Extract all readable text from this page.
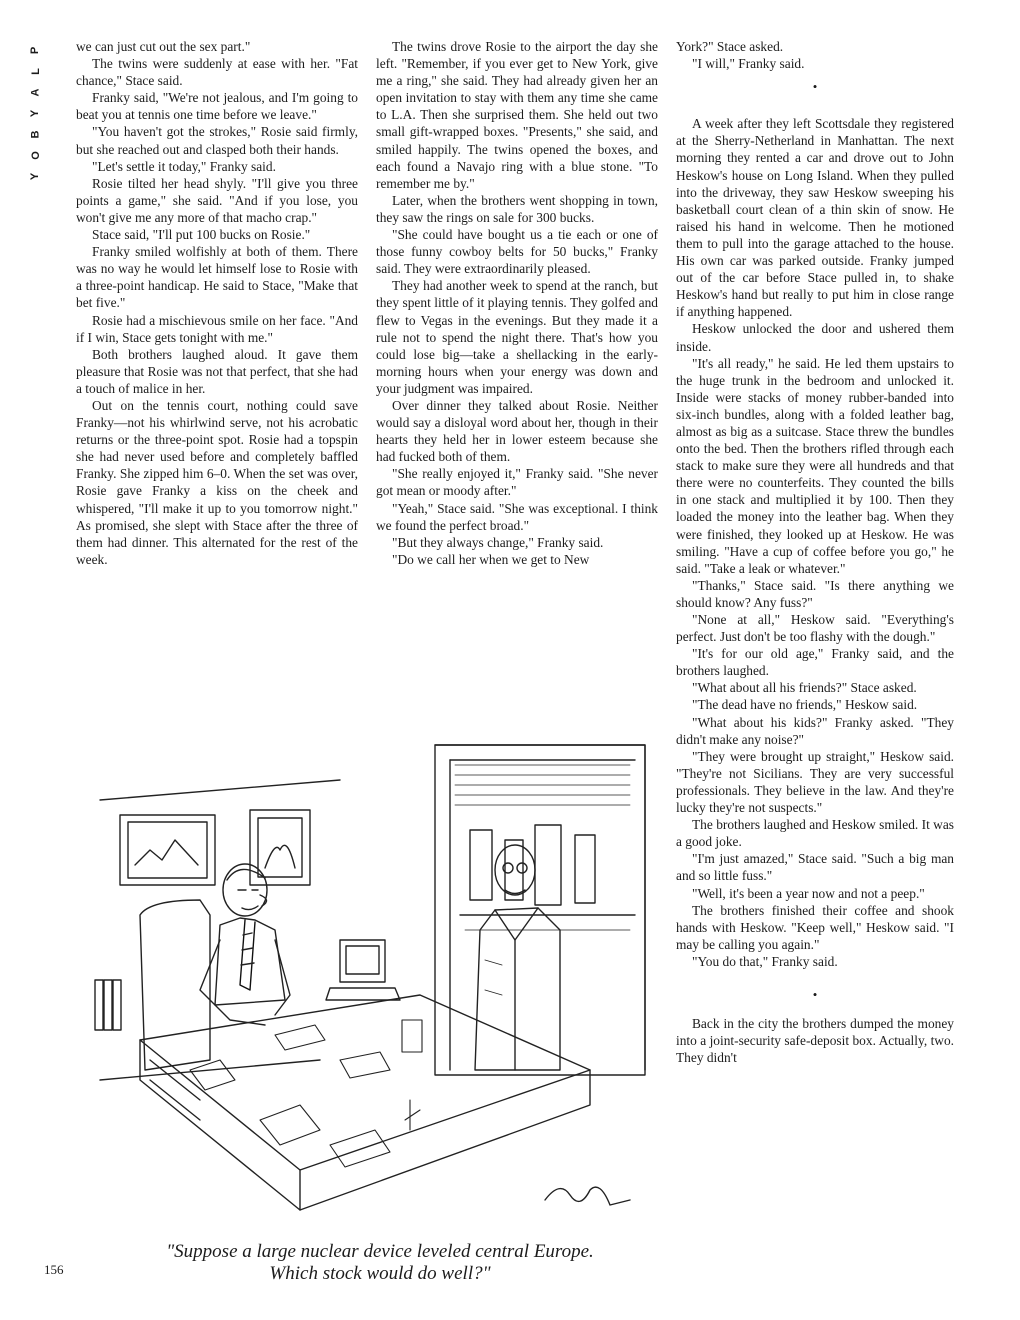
P
L
A
Y
B
O
Y

we can just cut out the sex part."

The twins were suddenly at ease with her. "Fat chance," Stace said.

Franky said, "We're not jealous, and I'm going to beat you at tennis one time before we leave."

"You haven't got the strokes," Rosie said firmly, but she reached out and clasped both their hands.

"Let's settle it today," Franky said.

Rosie tilted her head shyly. "I'll give you three points a game," she said. "And if you lose, you won't give me any more of that macho crap."

Stace said, "I'll put 100 bucks on Rosie."

Franky smiled wolfishly at both of them. There was no way he would let himself lose to Rosie with a three-point handicap. He said to Stace, "Make that bet five."

Rosie had a mischievous smile on her face. "And if I win, Stace gets tonight with me."

Both brothers laughed aloud. It gave them pleasure that Rosie was not that perfect, that she had a touch of malice in her.

Out on the tennis court, nothing could save Franky—not his whirlwind serve, not his acrobatic returns or the three-point spot. Rosie had a topspin she had never used before and completely baffled Franky. She zipped him 6–0. When the set was over, Rosie gave Franky a kiss on the cheek and whispered, "I'll make it up to you tomorrow night." As promised, she slept with Stace after the three of them had dinner. This alternated for the rest of the week.

The twins drove Rosie to the airport the day she left. "Remember, if you ever get to New York, give me a ring," she said. They had already given her an open invitation to stay with them any time she came to L.A. Then she surprised them. She held out two small gift-wrapped boxes. "Presents," she said, and smiled happily. The twins opened the boxes, and each found a Navajo ring with a blue stone. "To remember me by."

Later, when the brothers went shopping in town, they saw the rings on sale for 300 bucks.

"She could have bought us a tie each or one of those funny cowboy belts for 50 bucks," Franky said. They were extraordinarily pleased.

They had another week to spend at the ranch, but they spent little of it playing tennis. They golfed and flew to Vegas in the evenings. But they made it a rule not to spend the night there. That's how you could lose big—take a shellacking in the early-morning hours when your energy was down and your judgment was impaired.

Over dinner they talked about Rosie. Neither would say a disloyal word about her, though in their hearts they held her in lower esteem because she had fucked both of them.

"She really enjoyed it," Franky said. "She never got mean or moody after."

"Yeah," Stace said. "She was exceptional. I think we found the perfect broad."

"But they always change," Franky said.

"Do we call her when we get to New

York?" Stace asked.

"I will," Franky said.

•

A week after they left Scottsdale they registered at the Sherry-Netherland in Manhattan. The next morning they rented a car and drove out to John Heskow's house on Long Island. When they pulled into the driveway, they saw Heskow sweeping his basketball court clean of a thin skin of snow. He raised his hand in welcome. Then he motioned them to pull into the garage attached to the house. His own car was parked outside. Franky jumped out of the car before Stace pulled in, to shake Heskow's hand but really to put him in close range if anything happened.

Heskow unlocked the door and ushered them inside.

"It's all ready," he said. He led them upstairs to the huge trunk in the bedroom and unlocked it. Inside were stacks of money rubber-banded into six-inch bundles, along with a folded leather bag, almost as big as a suitcase. Stace threw the bundles onto the bed. Then the brothers rifled through each stack to make sure they were all hundreds and that there were no counterfeits. They counted the bills in one stack and multiplied it by 100. Then they loaded the money into the leather bag. When they were finished, they looked up at Heskow. He was smiling. "Have a cup of coffee before you go," he said. "Take a leak or whatever."

"Thanks," Stace said. "Is there anything we should know? Any fuss?"

"None at all," Heskow said. "Everything's perfect. Just don't be too flashy with the dough."

"It's for our old age," Franky said, and the brothers laughed.

"What about all his friends?" Stace asked.

"The dead have no friends," Heskow said.

"What about his kids?" Franky asked. "They didn't make any noise?"

"They were brought up straight," Heskow said. "They're not Sicilians. They are very successful professionals. They believe in the law. And they're lucky they're not suspects."

The brothers laughed and Heskow smiled. It was a good joke.

"I'm just amazed," Stace said. "Such a big man and so little fuss."

"Well, it's been a year now and not a peep."

The brothers finished their coffee and shook hands with Heskow. "Keep well," Heskow said. "I may be calling you again."

"You do that," Franky said.

•

Back in the city the brothers dumped the money into a joint-security safe-deposit box. Actually, two. They didn't

"Suppose a large nuclear device leveled central Europe.
Which stock would do well?"
156
